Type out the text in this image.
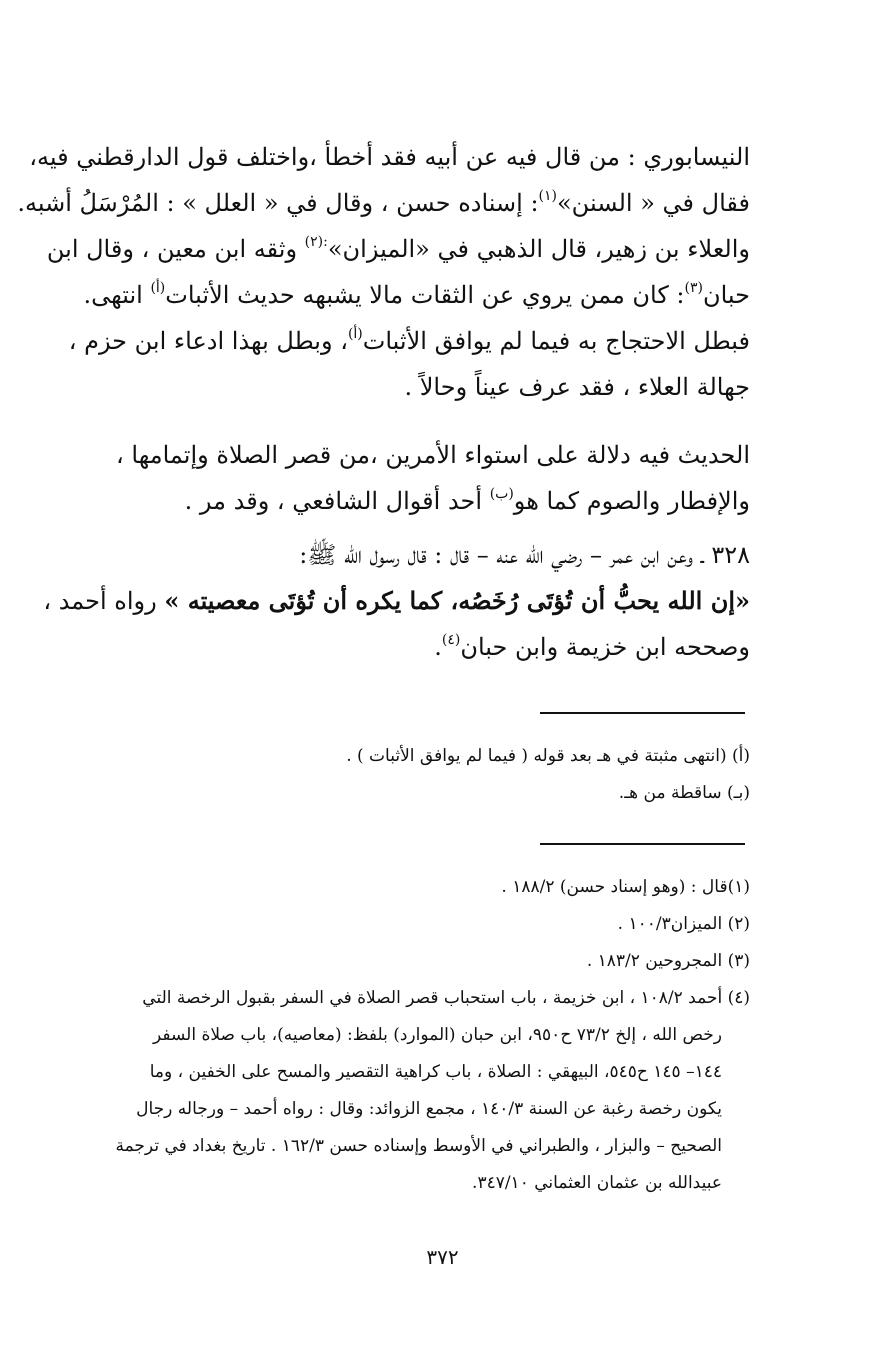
النيسابوري : من قال فيه عن أبيه فقد أخطأ ،واختلف قول الدارقطني فيه،
فقال في « السنن»$^{(١)}$: إسناده حسن ، وقال في « العلل » : المُرْسَلُ أشبه.
والعلاء بن زهير، قال الذهبي في «الميزان»$^{:(٢)}$ وثقه ابن معين ، وقال ابن
حبان$^{(٣)}$: كان ممن يروي عن الثقات مالا يشبهه حديث الأثبات$^{(أ)}$ انتهى.
فبطل الاحتجاج به فيما لم يوافق الأثبات$^{(أ)}$، وبطل بهذا ادعاء ابن حزم ،
جهالة العلاء ، فقد عرف عيناً وحالاً .
الحديث فيه دلالة على استواء الأمرين ،من قصر الصلاة وإتمامها ،
والإفطار والصوم كما هو$^{(ب)}$ أحد أقوال الشافعي ، وقد مر .
٣٢٨ ـ وعن ابن عمر – رضي الله عنه – قال : قال رسول الله ﷺ:
«إن الله يحبُّ أن تُؤتَى رُخَصُه، كما يكره أن تُؤتَى معصيته » رواه أحمد ،
وصححه ابن خزيمة وابن حبان$^{(٤)}$.
(أ) (انتهى مثبتة في هـ بعد قوله ( فيما لم يوافق الأثبات ) .
(بـ) ساقطة من هـ.
(١)قال : (وهو إسناد حسن) ١٨٨/٢ .
(٢) الميزان١٠٠/٣ .
(٣) المجروحين ١٨٣/٢ .
(٤) أحمد ١٠٨/٢ ، ابن خزيمة ، باب استحباب قصر الصلاة في السفر بقبول الرخصة التي
رخص الله ، إلخ ٧٣/٢ ح٩٥٠، ابن حبان (الموارد) بلفظ: (معاصيه)، باب صلاة السفر
١٤٤– ١٤٥ ح٥٤٥، البيهقي : الصلاة ، باب كراهية التقصير والمسح على الخفين ، وما
يكون رخصة رغبة عن السنة ١٤٠/٣ ، مجمع الزوائد: وقال : رواه أحمد – ورجاله رجال
الصحيح – والبزار ، والطبراني في الأوسط وإسناده حسن ١٦٢/٣ . تاريخ بغداد في ترجمة
عبيدالله بن عثمان العثماني ٣٤٧/١٠.
٣٧٢
